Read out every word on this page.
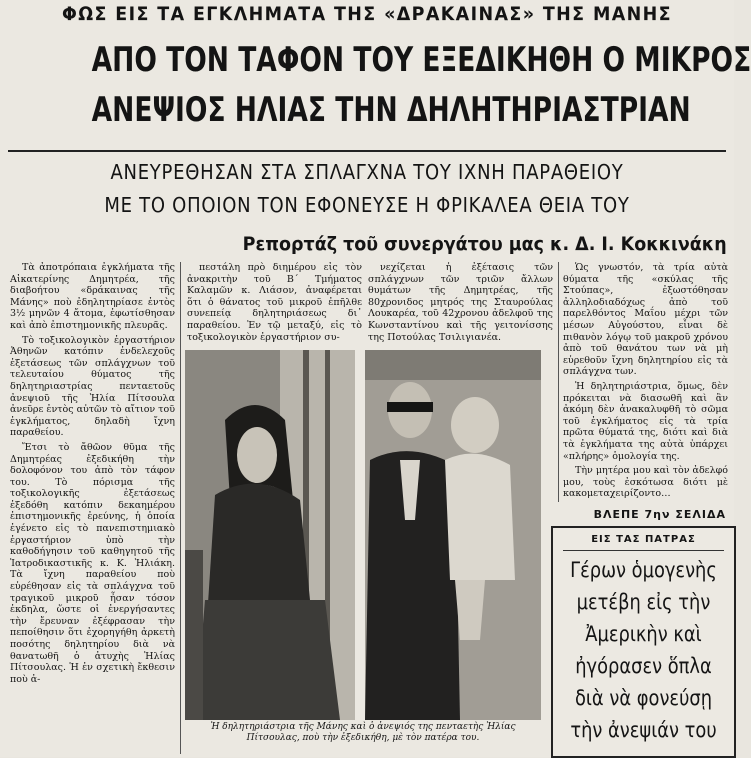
ΦΩΣ ΕΙΣ ΤΑ ΕΓΚΛΗΜΑΤΑ ΤΗΣ «ΔΡΑΚΑΙΝΑΣ» ΤΗΣ ΜΑΝΗΣ
ΑΠΟ ΤΟΝ ΤΑΦΟΝ ΤΟΥ ΕΞΕΔΙΚΗΘΗ Ο ΜΙΚΡΟΣ
ΑΝΕΨΙΟΣ ΗΛΙΑΣ ΤΗΝ ΔΗΛΗΤΗΡΙΑΣΤΡΙΑΝ
ΑΝΕΥΡΕΘΗΣΑΝ ΣΤΑ ΣΠΛΑΓΧΝΑ ΤΟΥ ΙΧΝΗ ΠΑΡΑΘΕΙΟΥ
ΜΕ ΤΟ ΟΠΟΙΟΝ ΤΟΝ ΕΦΟΝΕΥΣΕ Η ΦΡΙΚΑΛΕΑ ΘΕΙΑ ΤΟΥ
Ρεπορτάζ τοῦ συνεργάτου μας κ. Δ. Ι. Κοκκινάκη

Τὰ ἀποτρόπαια ἐγκλήματα τῆς Αἰκατερίνης Δημητρέα, τῆς διαβοήτου «δράκαινας τῆς Μάνης» ποὺ ἐδηλητηρίασε ἐντὸς 3½ μηνῶν 4 ἄτομα, ἐφωτίσθησαν καὶ ἀπὸ ἐπιστημονικῆς πλευρᾶς.

Τὸ τοξικολογικὸν ἐργαστήριον Ἀθηνῶν κατόπιν ἐνδελεχοῦς ἐξετάσεως τῶν σπλάγχνων τοῦ τελευταίου θύματος τῆς δηλητηριαστρίας πενταετοῦς ἀνεψιοῦ τῆς Ἠλία Πίτσουλα ἀνεῦρε ἐντὸς αὐτῶν τὸ αἴτιον τοῦ ἐγκλήματος, δηλαδὴ ἴχνη παραθείου.

Ἔτσι τὸ ἄθῶον θῦμα τῆς Δημητρέας ἐξεδικήθη τὴν δολοφόνον του ἀπὸ τὸν τάφον του. Τὸ πόρισμα τῆς τοξικολογικῆς ἐξετάσεως ἐξεδόθη κατόπιν δεκαημέρου ἐπιστημονικῆς ἐρεύνης, ἡ ὁποία ἐγένετο εἰς τὸ πανεπιστημιακὸ ἐργαστήριον ὑπὸ τὴν καθοδήγησιν τοῦ καθηγητοῦ τῆς Ἰατροδικαστικῆς κ. Κ. Ἠλιάκη. Τὰ ἴχνη παραθείου ποὺ εὑρέθησαν εἰς τὰ σπλάγχνα τοῦ τραγικοῦ μικροῦ ἦσαν τόσον ἐκδηλα, ὥστε οἱ ἐνεργήσαντες τὴν ἔρευναν ἐξέφρασαν τὴν πεποίθησιν ὅτι ἐχορηγήθη ἀρκετὴ ποσότης δηλητηρίου διὰ νὰ θανατωθῆ ὁ ἀτυχὴς Ἠλίας Πίτσουλας. Ἡ ἐν σχετικὴ ἔκθεσιν ποὺ ἀ-

πεστάλη πρὸ διημέρου εἰς τὸν ἀνακριτὴν τοῦ Β΄ Τμήματος Καλαμῶν κ. Λιάσον, ἀναφέρεται ὅτι ὁ θάνατος τοῦ μικροῦ ἐπῆλθε συνεπείᾳ δηλητηριάσεως δι᾽ παραθείου. Ἐν τῷ μεταξύ, εἰς τὸ τοξικολογικὸν ἐργαστήριον συ-

νεχίζεται ἡ ἐξέτασις τῶν σπλάγχνων τῶν τριῶν ἄλλων θυμάτων τῆς Δημητρέας, τῆς 80χρονιδος μητρός της Σταυρούλας Λουκαρέα, τοῦ 42χρονου ἀδελφοῦ της Κωνσταντίνου καὶ τῆς γειτονίσσης της Ποτούλας Τσιλιγιανέα.

Ὡς γνωστόν, τὰ τρία αὐτὰ θύματα τῆς «σκύλας τῆς Στούπας», ἐξωστόθησαν ἀλληλοδιαδόχως ἀπὸ τοῦ παρελθόντος Μαΐου μέχρι τῶν μέσων Αὐγούστου, εἶναι δὲ πιθανὸν λόγῳ τοῦ μακροῦ χρόνου ἀπὸ τοῦ θανάτου των νὰ μὴ εὑρεθοῦν ἴχνη δηλητηρίου εἰς τὰ σπλάγχνα των.

Ἡ δηλητηριάστρια, ὅμως, δὲν πρόκειται νὰ διασωθῆ καὶ ἂν ἀκόμη δὲν ἀνακαλυφθῆ τὸ σῶμα τοῦ ἐγκλήματος εἰς τὰ τρία πρῶτα θύματά της, διότι καὶ διὰ τὰ ἐγκλήματα της αὐτὰ ὑπάρχει «πλήρης» ὁμολογία της.

Τὴν μητέρα μου καὶ τὸν ἀδελφό μου, τοὺς ἐσκότωσα διότι μὲ κακομεταχειρίζοντο…

Ἡ δηλητηριάστρια τῆς Μάνης καὶ ὁ ἀνεψιός της πενταετὴς Ἠλίας Πίτσουλας, ποὺ τὴν ἐξεδικήθη, μὲ τὸν πατέρα του.
ΒΛΕΠΕ 7ην ΣΕΛΙΔΑ
ΕΙΣ ΤΑΣ ΠΑΤΡΑΣ
Γέρων ὁμογενὴς
μετέβη εἰς τὴν
Ἀμερικὴν καὶ
ἠγόρασεν ὅπλα
διὰ νὰ φονεύσῃ
τὴν ἀνεψιάν του
